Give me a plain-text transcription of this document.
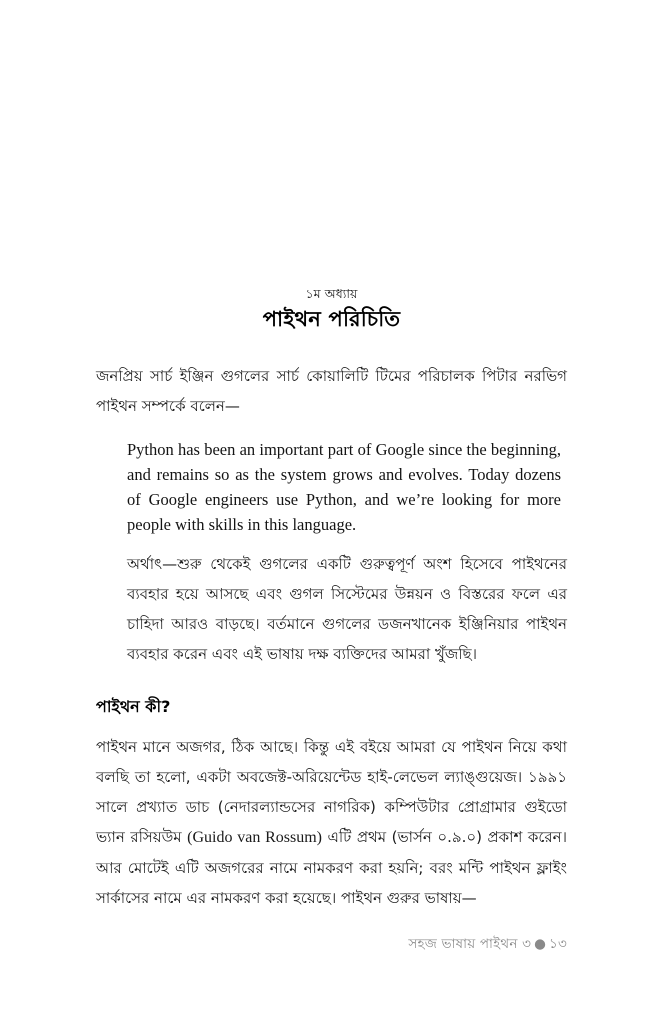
১ম অধ্যায়
পাইথন পরিচিতি

জনপ্রিয় সার্চ ইঞ্জিন গুগলের সার্চ কোয়ালিটি টিমের পরিচালক পিটার নরভিগ পাইথন সম্পর্কে বলেন—

Python has been an important part of Google since the beginning, and remains so as the system grows and evolves. Today dozens of Google engineers use Python, and we’re looking for more people with skills in this language.

অর্থাৎ—শুরু থেকেই গুগলের একটি গুরুত্বপূর্ণ অংশ হিসেবে পাইথনের ব্যবহার হয়ে আসছে এবং গুগল সিস্টেমের উন্নয়ন ও বিস্তরের ফলে এর চাহিদা আরও বাড়ছে। বর্তমানে গুগলের ডজনখানেক ইঞ্জিনিয়ার পাইথন ব্যবহার করেন এবং এই ভাষায় দক্ষ ব্যক্তিদের আমরা খুঁজছি।

পাইথন কী?

পাইথন মানে অজগর, ঠিক আছে। কিন্তু এই বইয়ে আমরা যে পাইথন নিয়ে কথা বলছি তা হলো, একটা অবজেক্ট-অরিয়েন্টেড হাই-লেভেল ল্যাঙ্গুয়েজ। ১৯৯১ সালে প্রখ্যাত ডাচ (নেদারল্যান্ডসের নাগরিক) কম্পিউটার প্রোগ্রামার গুইডো ভ্যান রসিয়উম (Guido van Rossum) এটি প্রথম (ভার্সন ০.৯.০) প্রকাশ করেন। আর মোটেই এটি অজগরের নামে নামকরণ করা হয়নি; বরং মন্টি পাইথন ফ্লাইং সার্কাসের নামে এর নামকরণ করা হয়েছে। পাইথন গুরুর ভাষায়—

সহজ ভাষায় পাইথন ৩ ● ১৩
